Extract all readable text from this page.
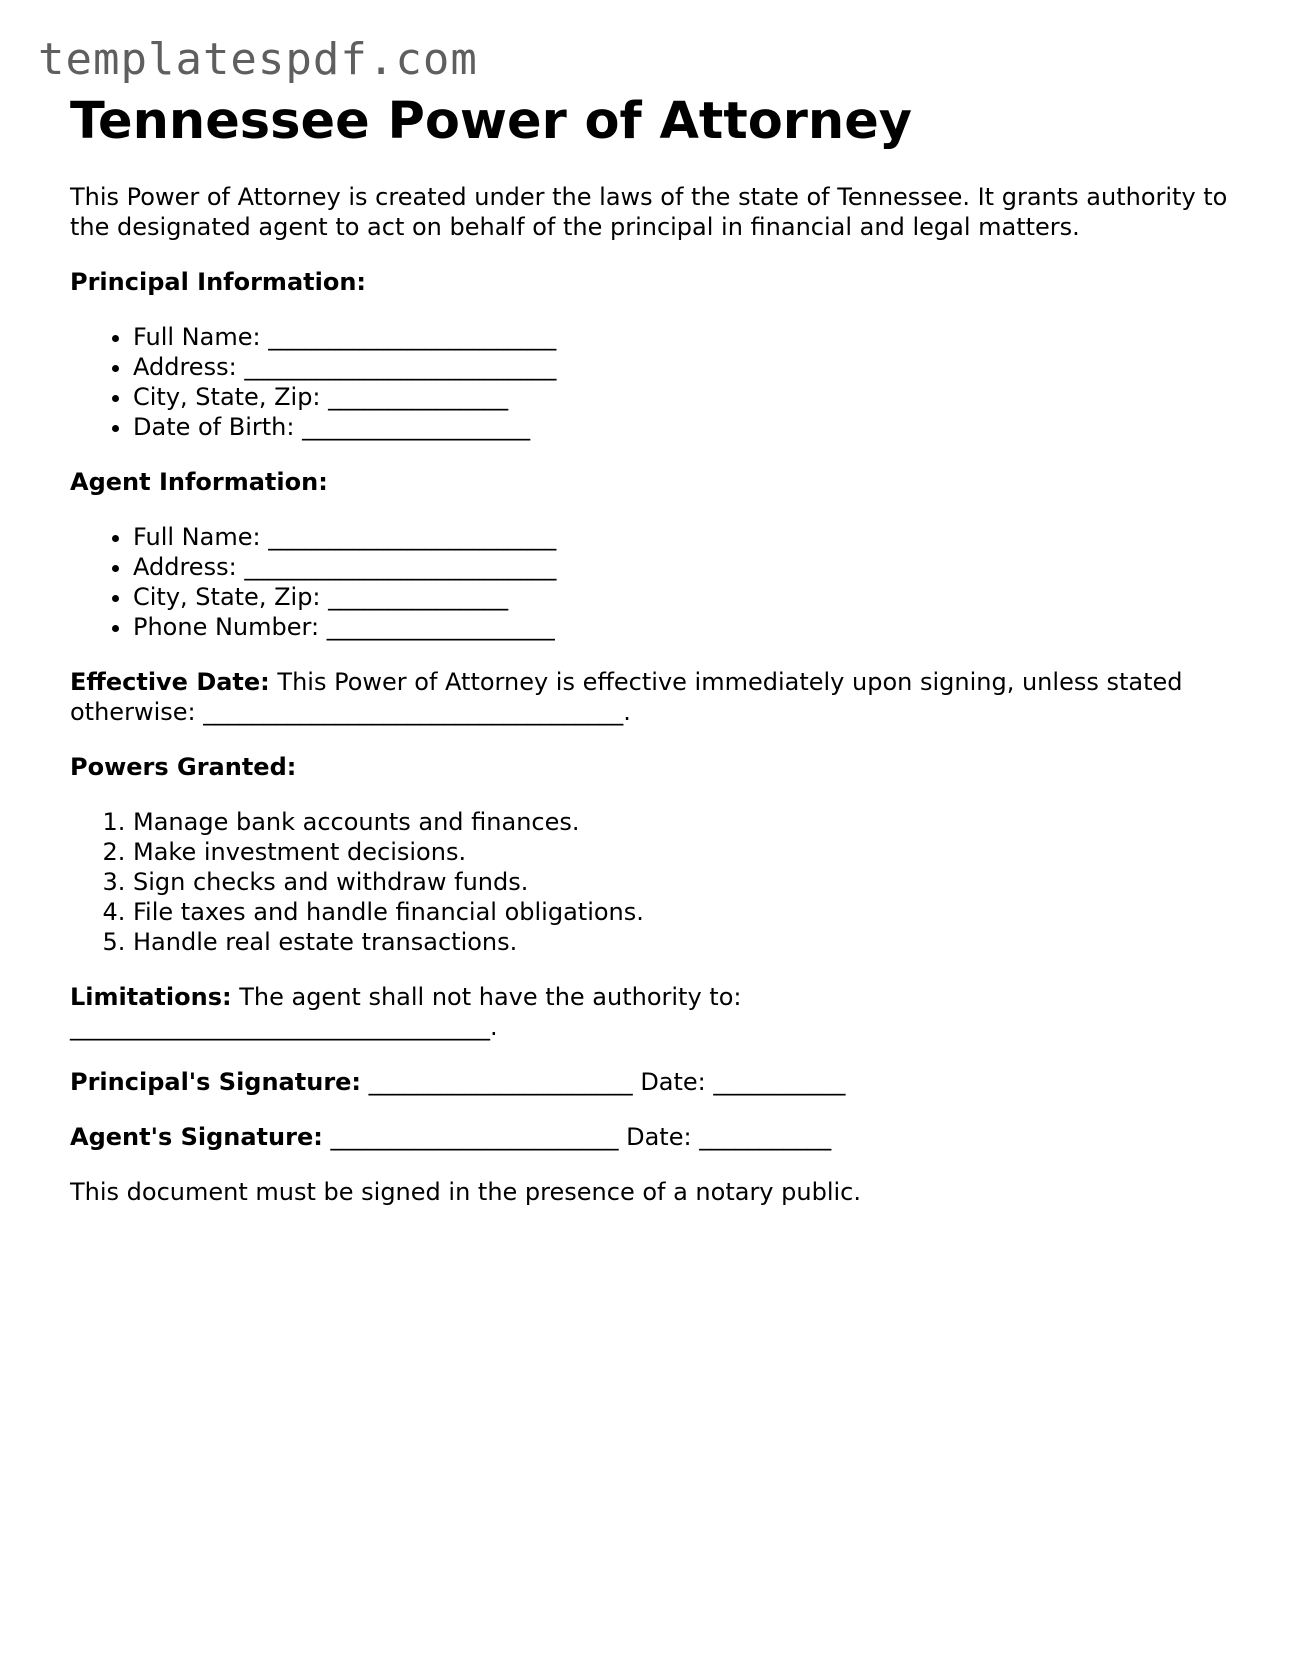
templatespdf.com
Tennessee Power of Attorney

This Power of Attorney is created under the laws of the state of Tennessee. It grants authority to the designated agent to act on behalf of the principal in financial and legal matters.

Principal Information:

• Full Name: ________________________
• Address: __________________________
• City, State, Zip: _______________
• Date of Birth: ___________________

Agent Information:

• Full Name: ________________________
• Address: __________________________
• City, State, Zip: _______________
• Phone Number: ___________________

Effective Date: This Power of Attorney is effective immediately upon signing, unless stated otherwise: ___________________________________.

Powers Granted:

1. Manage bank accounts and finances.
2. Make investment decisions.
3. Sign checks and withdraw funds.
4. File taxes and handle financial obligations.
5. Handle real estate transactions.

Limitations: The agent shall not have the authority to:
___________________________________.

Principal's Signature: ______________________ Date: ___________

Agent's Signature: ________________________ Date: ___________

This document must be signed in the presence of a notary public.
